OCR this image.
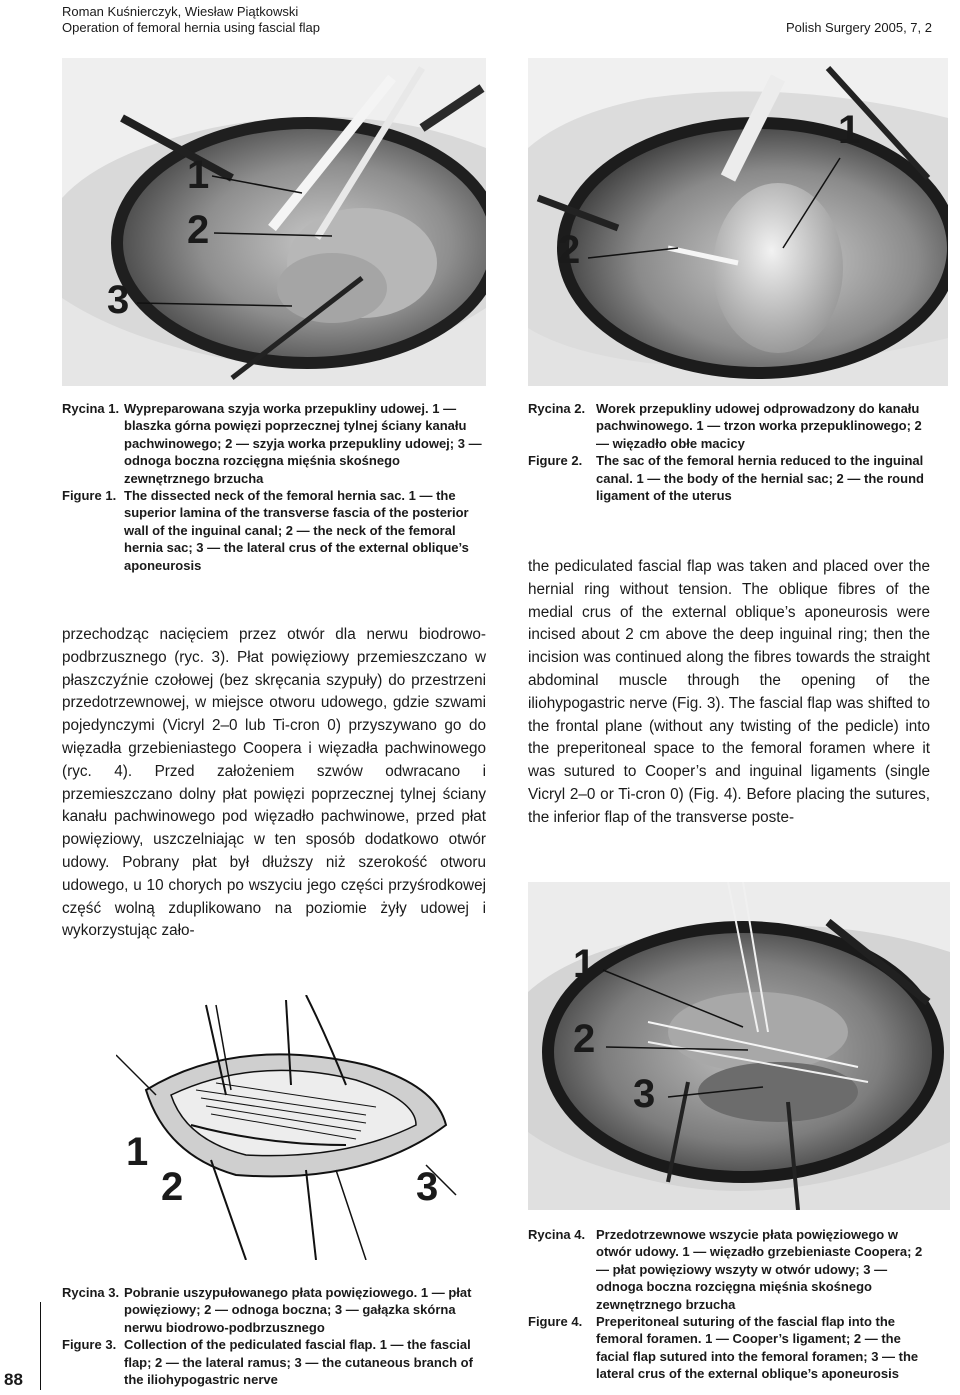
Roman Kuśnierczyk, Wiesław Piątkowski
Operation of femoral hernia using fascial flap	Polish Surgery 2005, 7, 2
1
2
3
1
2
Rycina 1. Wypreparowana szyja worka przepukliny udowej. 1 — blaszka górna powięzi poprzecznej tylnej ściany kanału pachwinowego; 2 — szyja worka przepukliny udowej; 3 — odnoga boczna rozcięgna mięśnia skośnego zewnętrznego brzucha
Figure 1. The dissected neck of the femoral hernia sac. 1 — the superior lamina of the transverse fascia of the posterior wall of the inguinal canal; 2 — the neck of the femoral hernia sac; 3 — the lateral crus of the external oblique’s aponeurosis
Rycina 2. Worek przepukliny udowej odprowadzony do kanału pachwinowego. 1 — trzon worka przepuklinowego; 2 — więzadło obłe macicy
Figure 2.	The sac of the femoral hernia reduced to the inguinal canal. 1 — the body of the hernial sac; 2 — the round ligament of the uterus

przechodząc nacięciem przez otwór dla nerwu biodrowo-podbrzusznego (ryc. 3). Płat powięziowy przemieszczano w płaszczyźnie czołowej (bez skręcania szypuły) do przestrzeni przedotrzewnowej, w miejsce otworu udowego, gdzie szwami pojedynczymi (Vicryl 2–0 lub Ti-cron 0) przyszywano go do więzadła grzebieniastego Coopera i więzadła pachwinowego (ryc. 4). Przed założeniem szwów odwracano i przemieszczano dolny płat powięzi poprzecznej tylnej ściany kanału pachwinowego pod więzadło pachwinowe, przed płat powięziowy, uszczelniając w ten sposób dodatkowo otwór udowy. Pobrany płat był dłuższy niż szerokość otworu udowego, u 10 chorych po wszyciu jego części przyśrodkowej część wolną zduplikowano na poziomie żyły udowej i wykorzystując zało-

the pediculated fascial flap was taken and placed over the hernial ring without tension. The oblique fibres of the medial crus of the external oblique’s aponeurosis were incised about 2 cm above the deep inguinal ring; then the incision was continued along the fibres towards the straight abdominal muscle through the opening of the iliohypogastric nerve (Fig. 3). The fascial flap was shifted to the frontal plane (without any twisting of the pedicle) into the preperitoneal space to the femoral foramen where it was sutured to Cooper’s and inguinal ligaments (single Vicryl 2–0 or Ti-cron 0) (Fig. 4). Before placing the sutures, the inferior flap of the transverse poste-

1
2	3
1
2
3
Rycina 3. Pobranie uszypułowanego płata powięziowego. 1 — płat powięziowy; 2 — odnoga boczna; 3 — gałązka skórna nerwu biodrowo-podbrzusznego
Figure 3. Collection of the pediculated fascial flap. 1 — the fascial flap; 2 — the lateral ramus; 3 — the cutaneous branch of the iliohypogastric nerve
Rycina 4. Przedotrzewnowe wszycie płata powięziowego w otwór udowy. 1 — więzadło grzebieniaste Coopera; 2 — płat powięziowy wszyty w otwór udowy; 3 — odnoga boczna rozcięgna mięśnia skośnego zewnętrznego brzucha
Figure 4.	Preperitoneal suturing of the fascial flap into the femoral foramen. 1 — Cooper’s ligament; 2 — the facial flap sutured into the femoral foramen; 3 — the lateral crus of the external oblique’s aponeurosis
88
